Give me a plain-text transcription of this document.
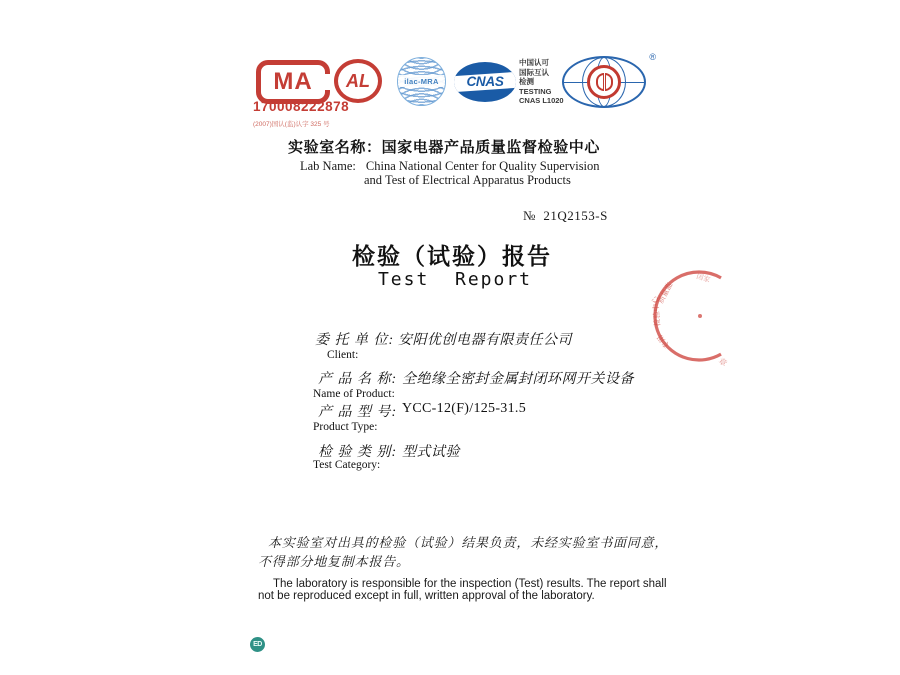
MA AL
170008222878 (2007)国认(监)认字 325 号
ilac-MRA	CNAS
中国认可
国际互认
检测
TESTING
CNAS L1020
®
实验室名称：国家电器产品质量监督检验中心
Lab Name: China National Center for Quality Supervision
and Test of Electrical Apparatus Products
№ 21Q2153-S
检验（试验）报告
Test  Report
委 托 单 位: 安阳优创电器有限责任公司
Client:
产 品 名 称: 全绝缘全密封金属封闭环网开关设备
Name of Product:
产 品 型 号: YCC-12(F)/125-31.5
Product Type:
检 验 类 别: 型式试验
Test Category:
本实验室对出具的检验（试验）结果负责，未经实验室书面同意，
不得部分地复制本报告。
The laboratory is responsible for the inspection (Test) results. The report shall
not be reproduced except in full, written approval of the laboratory.
国家
质量监
检验中心
专用
章
ED
